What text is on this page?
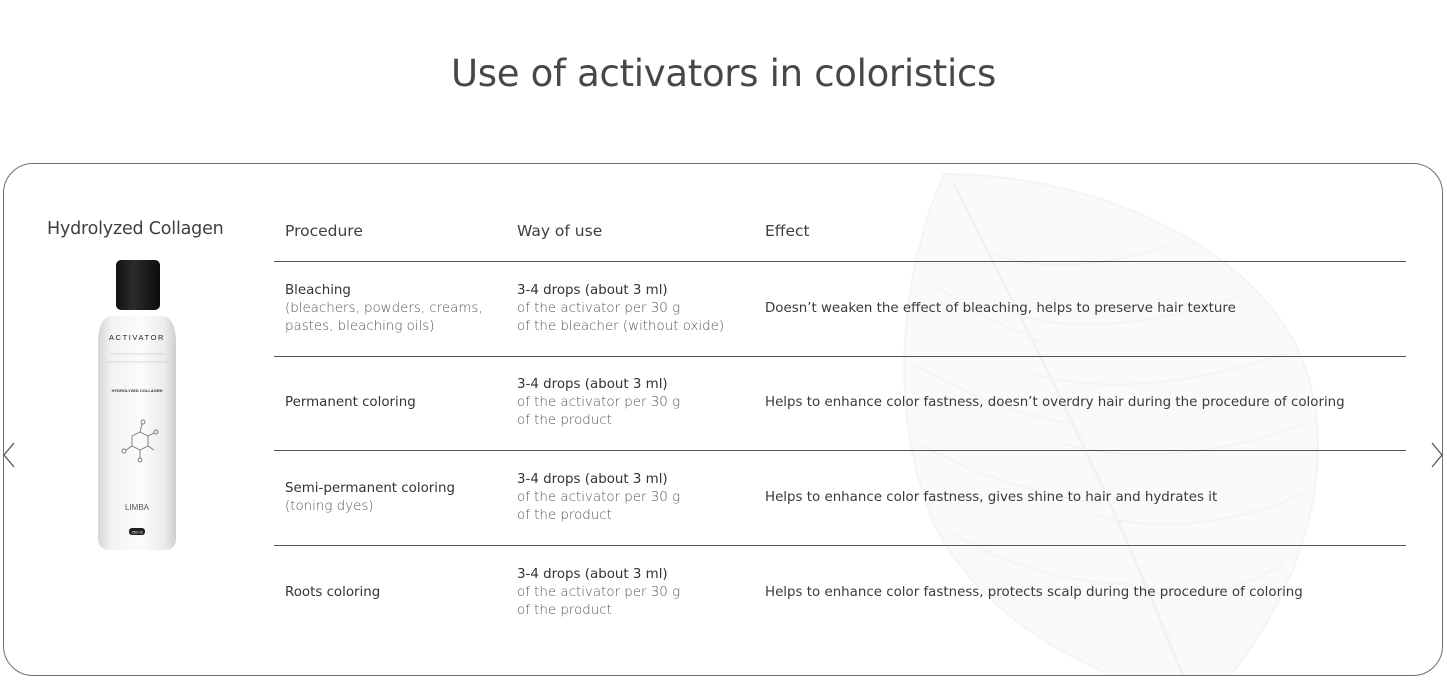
Use of activators in coloristics
Hydrolyzed Collagen
ACTIVATOR
HYDROLYZED COLLAGEN
LIMBA
250 ml
Procedure	Way of use	Effect
Bleaching
(bleachers, powders, creams,
pastes, bleaching oils)
3-4 drops (about 3 ml)
of the activator per 30 g
of the bleacher (without oxide)
Doesn’t weaken the effect of bleaching, helps to preserve hair texture
Permanent coloring
3-4 drops (about 3 ml)
of the activator per 30 g
of the product
Helps to enhance color fastness, doesn’t overdry hair during the procedure of coloring
Semi-permanent coloring
(toning dyes)
3-4 drops (about 3 ml)
of the activator per 30 g
of the product
Helps to enhance color fastness, gives shine to hair and hydrates it
Roots coloring
3-4 drops (about 3 ml)
of the activator per 30 g
of the product
Helps to enhance color fastness, protects scalp during the procedure of coloring
